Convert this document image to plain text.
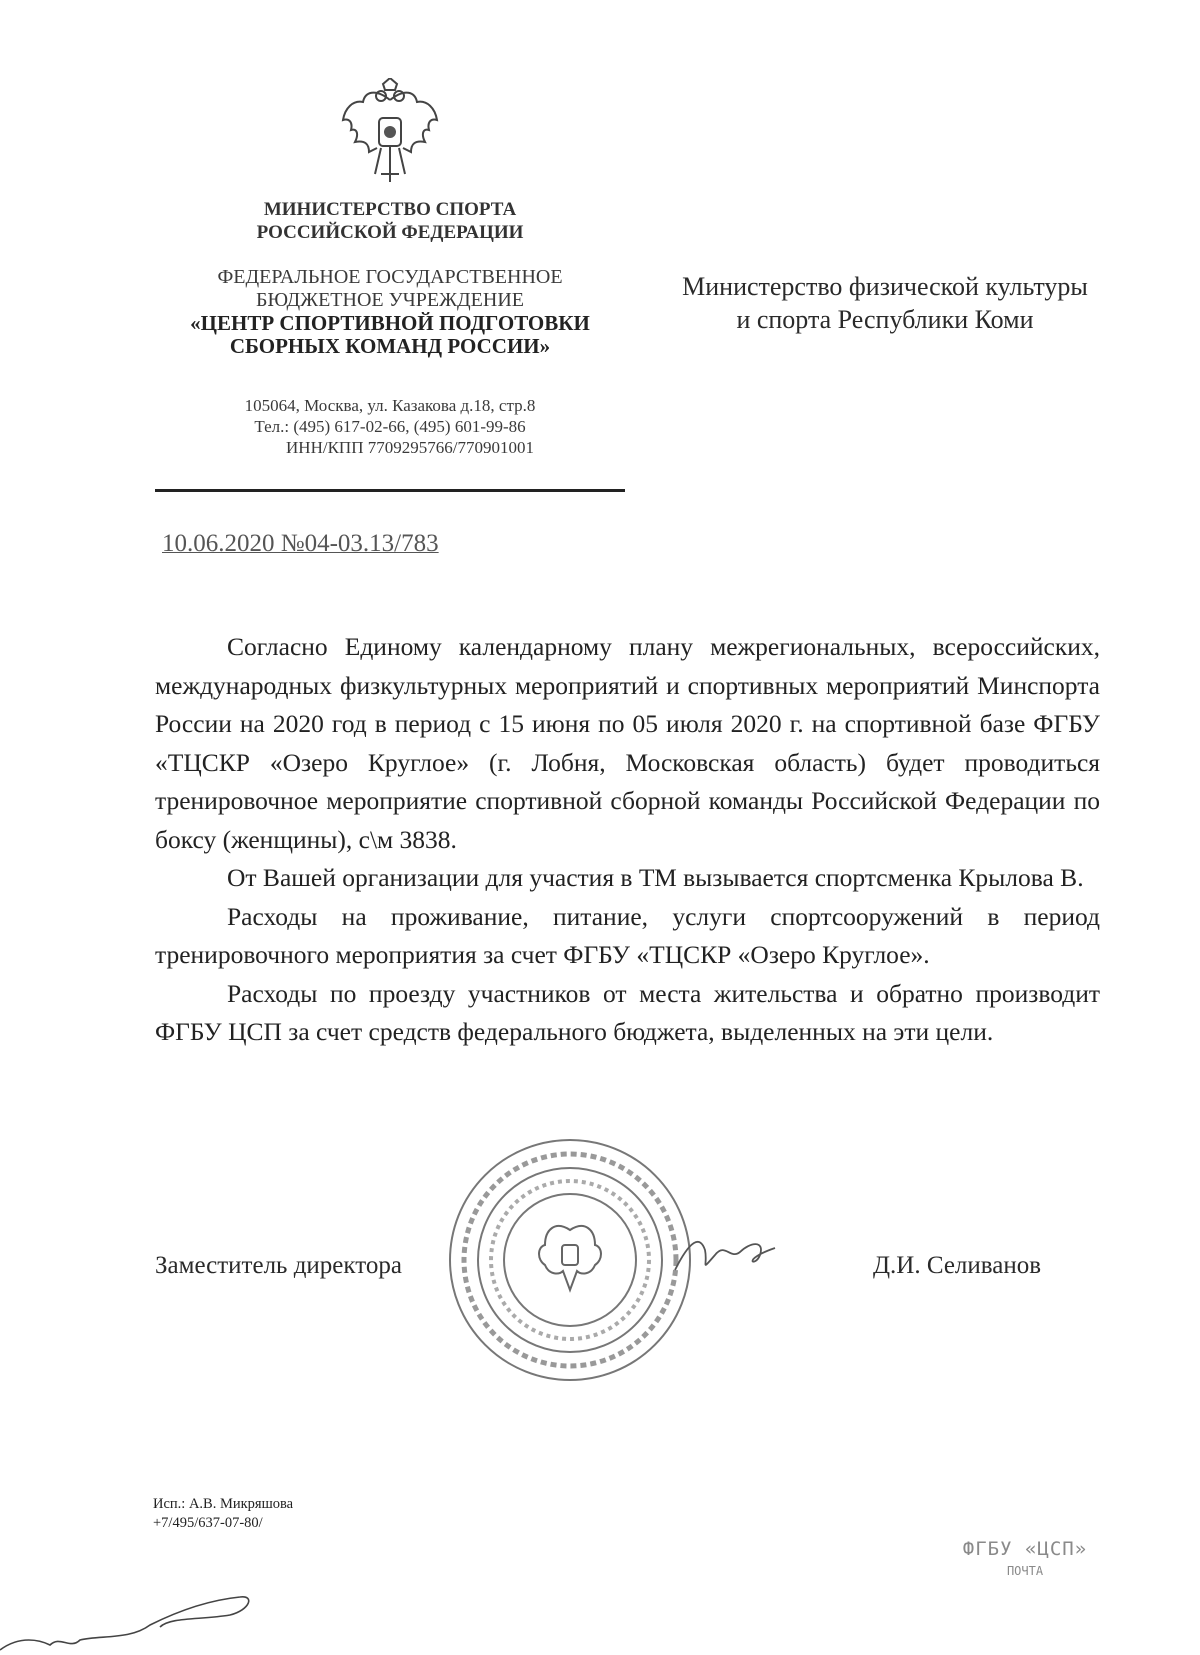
МИНИСТЕРСТВО СПОРТА
РОССИЙСКОЙ ФЕДЕРАЦИИ
ФЕДЕРАЛЬНОЕ ГОСУДАРСТВЕННОЕ
БЮДЖЕТНОЕ УЧРЕЖДЕНИЕ
«ЦЕНТР СПОРТИВНОЙ ПОДГОТОВКИ
СБОРНЫХ КОМАНД РОССИИ»
105064, Москва, ул. Казакова д.18, стр.8
Тел.: (495) 617-02-66, (495) 601-99-86
ИНН/КПП 7709295766/770901001
Министерство физической культуры
и спорта Республики Коми
10.06.2020 №04-03.13/783

Согласно Единому календарному плану межрегиональных, всероссийских, международных физкультурных мероприятий и спортивных мероприятий Минспорта России на 2020 год в период с 15 июня по 05 июля 2020 г. на спортивной базе ФГБУ «ТЦСКР «Озеро Круглое» (г. Лобня, Московская область) будет проводиться тренировочное мероприятие спортивной сборной команды Российской Федерации по боксу (женщины), с\м 3838.

От Вашей организации для участия в ТМ вызывается спортсменка Крылова В.

Расходы на проживание, питание, услуги спортсооружений в период тренировочного мероприятия за счет ФГБУ «ТЦСКР «Озеро Круглое».

Расходы по проезду участников от места жительства и обратно производит ФГБУ ЦСП за счет средств федерального бюджета, выделенных на эти цели.

Заместитель директора	Д.И. Селиванов
Исп.: А.В. Микряшова
+7/495/637-07-80/
ФГБУ «ЦСП»
ПОЧТА
